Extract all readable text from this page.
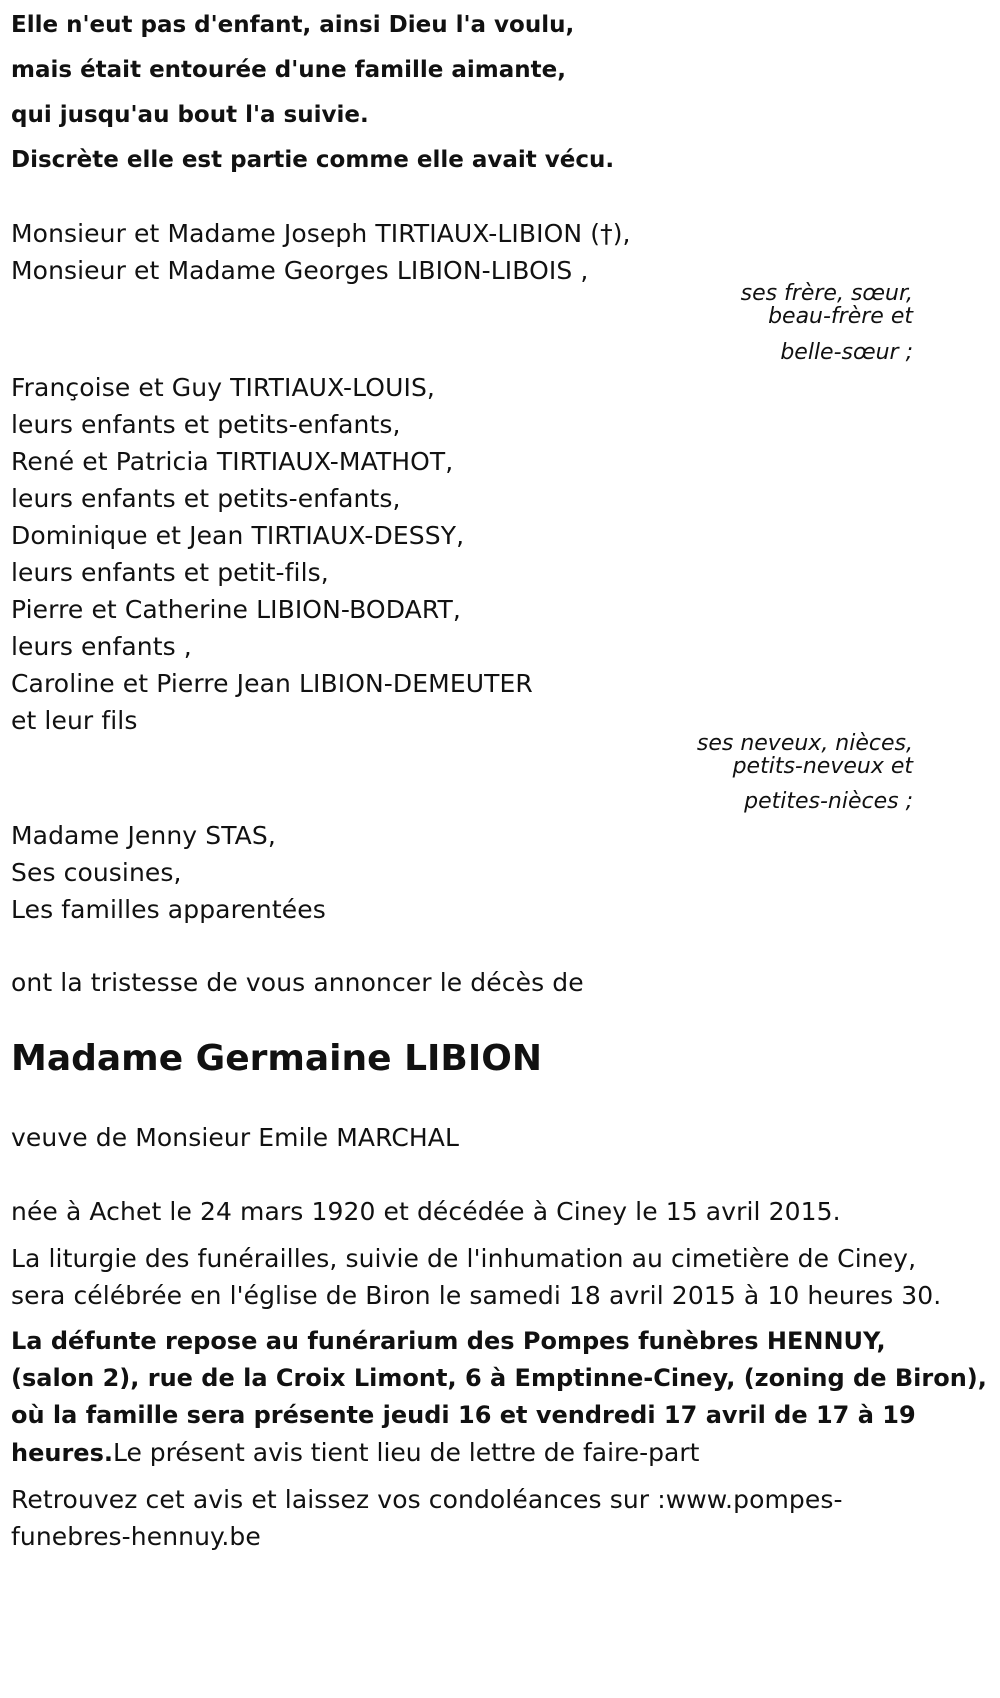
Elle n'eut pas d'enfant, ainsi Dieu l'a voulu,
mais était entourée d'une famille aimante,
qui jusqu'au bout l'a suivie.
Discrète elle est partie comme elle avait vécu.
Monsieur et Madame Joseph TIRTIAUX-LIBION (†),
Monsieur et Madame Georges LIBION-LIBOIS ,
ses frère, sœur,
beau-frère et
belle-sœur ;
Françoise et Guy TIRTIAUX-LOUIS,
leurs enfants et petits-enfants,
René et Patricia TIRTIAUX-MATHOT,
leurs enfants et petits-enfants,
Dominique et Jean TIRTIAUX-DESSY,
leurs enfants et petit-fils,
Pierre et Catherine LIBION-BODART,
leurs enfants ,
Caroline et Pierre Jean LIBION-DEMEUTER
et leur fils
ses neveux, nièces,
petits-neveux et
petites-nièces ;
Madame Jenny STAS,
Ses cousines,
Les familles apparentées
ont la tristesse de vous annoncer le décès de
Madame Germaine LIBION
veuve de Monsieur Emile MARCHAL
née à Achet le 24 mars 1920 et décédée à Ciney le 15 avril 2015.
La liturgie des funérailles, suivie de l'inhumation au cimetière de Ciney,
sera célébrée en l'église de Biron le samedi 18 avril 2015 à 10 heures 30.
La défunte repose au funérarium des Pompes funèbres HENNUY,
(salon 2), rue de la Croix Limont, 6 à Emptinne-Ciney, (zoning de Biron),
où la famille sera présente jeudi 16 et vendredi 17 avril de 17 à 19
heures.Le présent avis tient lieu de lettre de faire-part
Retrouvez cet avis et laissez vos condoléances sur :www.pompes-
funebres-hennuy.be
